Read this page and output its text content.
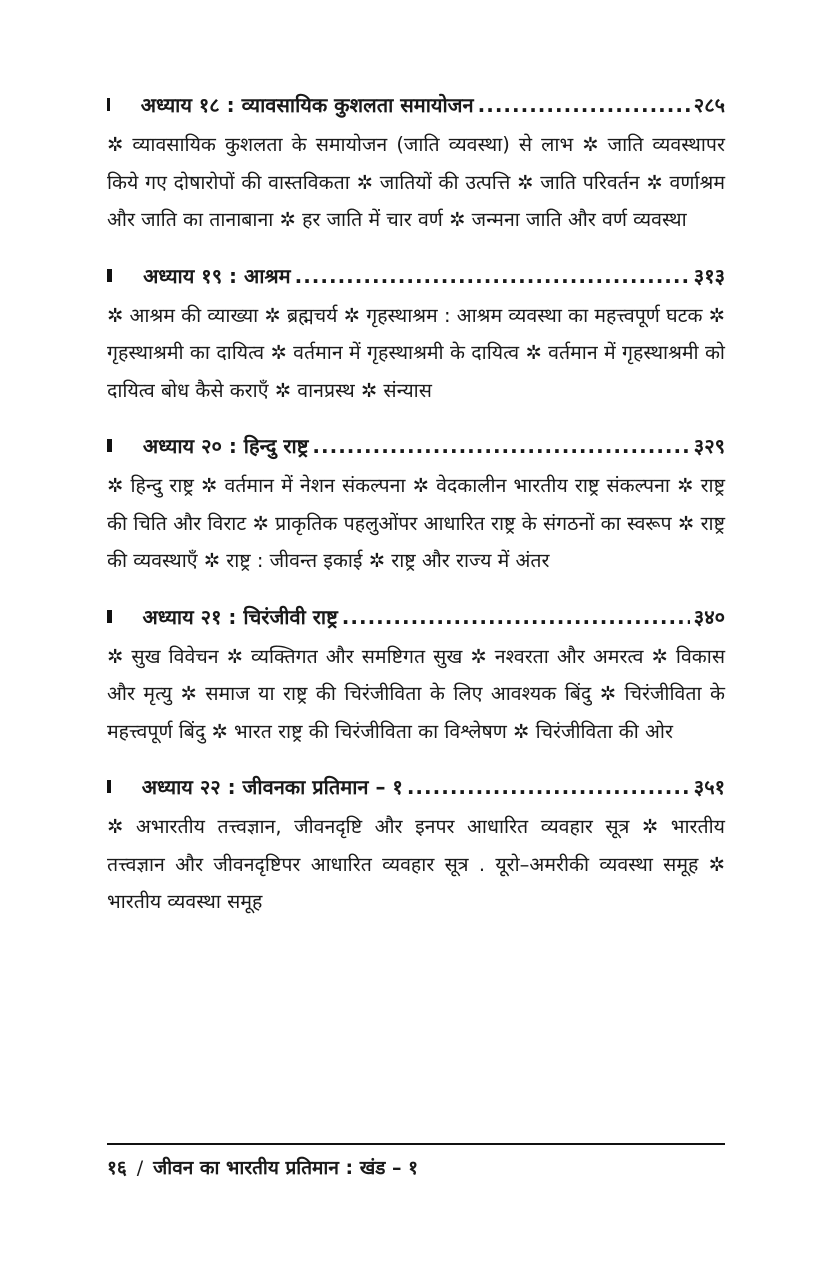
अध्याय १८ : व्यावसायिक कुशलता समायोजन .....	२८५
✲ व्यावसायिक कुशलता के समायोजन (जाति व्यवस्था) से लाभ ✲ जाति व्यवस्थापर किये गए दोषारोपों की वास्तविकता ✲ जातियों की उत्पत्ति ✲ जाति परिवर्तन ✲ वर्णाश्रम और जाति का तानाबाना ✲ हर जाति में चार वर्ण ✲ जन्मना जाति और वर्ण व्यवस्था
अध्याय १९ : आश्रम .....	३१३
✲ आश्रम की व्याख्या ✲ ब्रह्मचर्य ✲ गृहस्थाश्रम : आश्रम व्यवस्था का महत्त्वपूर्ण घटक ✲ गृहस्थाश्रमी का दायित्व ✲ वर्तमान में गृहस्थाश्रमी के दायित्व ✲ वर्तमान में गृहस्थाश्रमी को दायित्व बोध कैसे कराएँ ✲ वानप्रस्थ ✲ संन्यास
अध्याय २० : हिन्दु राष्ट्र .....	३२९
✲ हिन्दु राष्ट्र ✲ वर्तमान में नेशन संकल्पना ✲ वेदकालीन भारतीय राष्ट्र संकल्पना ✲ राष्ट्र की चिति और विराट ✲ प्राकृतिक पहलुओंपर आधारित राष्ट्र के संगठनों का स्वरूप ✲ राष्ट्र की व्यवस्थाएँ ✲ राष्ट्र : जीवन्त इकाई ✲ राष्ट्र और राज्य में अंतर
अध्याय २१ : चिरंजीवी राष्ट्र .....	३४०
✲ सुख विवेचन ✲ व्यक्तिगत और समष्टिगत सुख ✲ नश्वरता और अमरत्व ✲ विकास और मृत्यु ✲ समाज या राष्ट्र की चिरंजीविता के लिए आवश्यक बिंदु ✲ चिरंजीविता के महत्त्वपूर्ण बिंदु ✲ भारत राष्ट्र की चिरंजीविता का विश्लेषण ✲ चिरंजीविता की ओर
अध्याय २२ : जीवनका प्रतिमान – १ .....	३५१
✲ अभारतीय तत्त्वज्ञान, जीवनदृष्टि और इनपर आधारित व्यवहार सूत्र ✲ भारतीय तत्त्वज्ञान और जीवनदृष्टिपर आधारित व्यवहार सूत्र . यूरो–अमरीकी व्यवस्था समूह ✲ भारतीय व्यवस्था समूह
१६ / जीवन का भारतीय प्रतिमान : खंड – १
